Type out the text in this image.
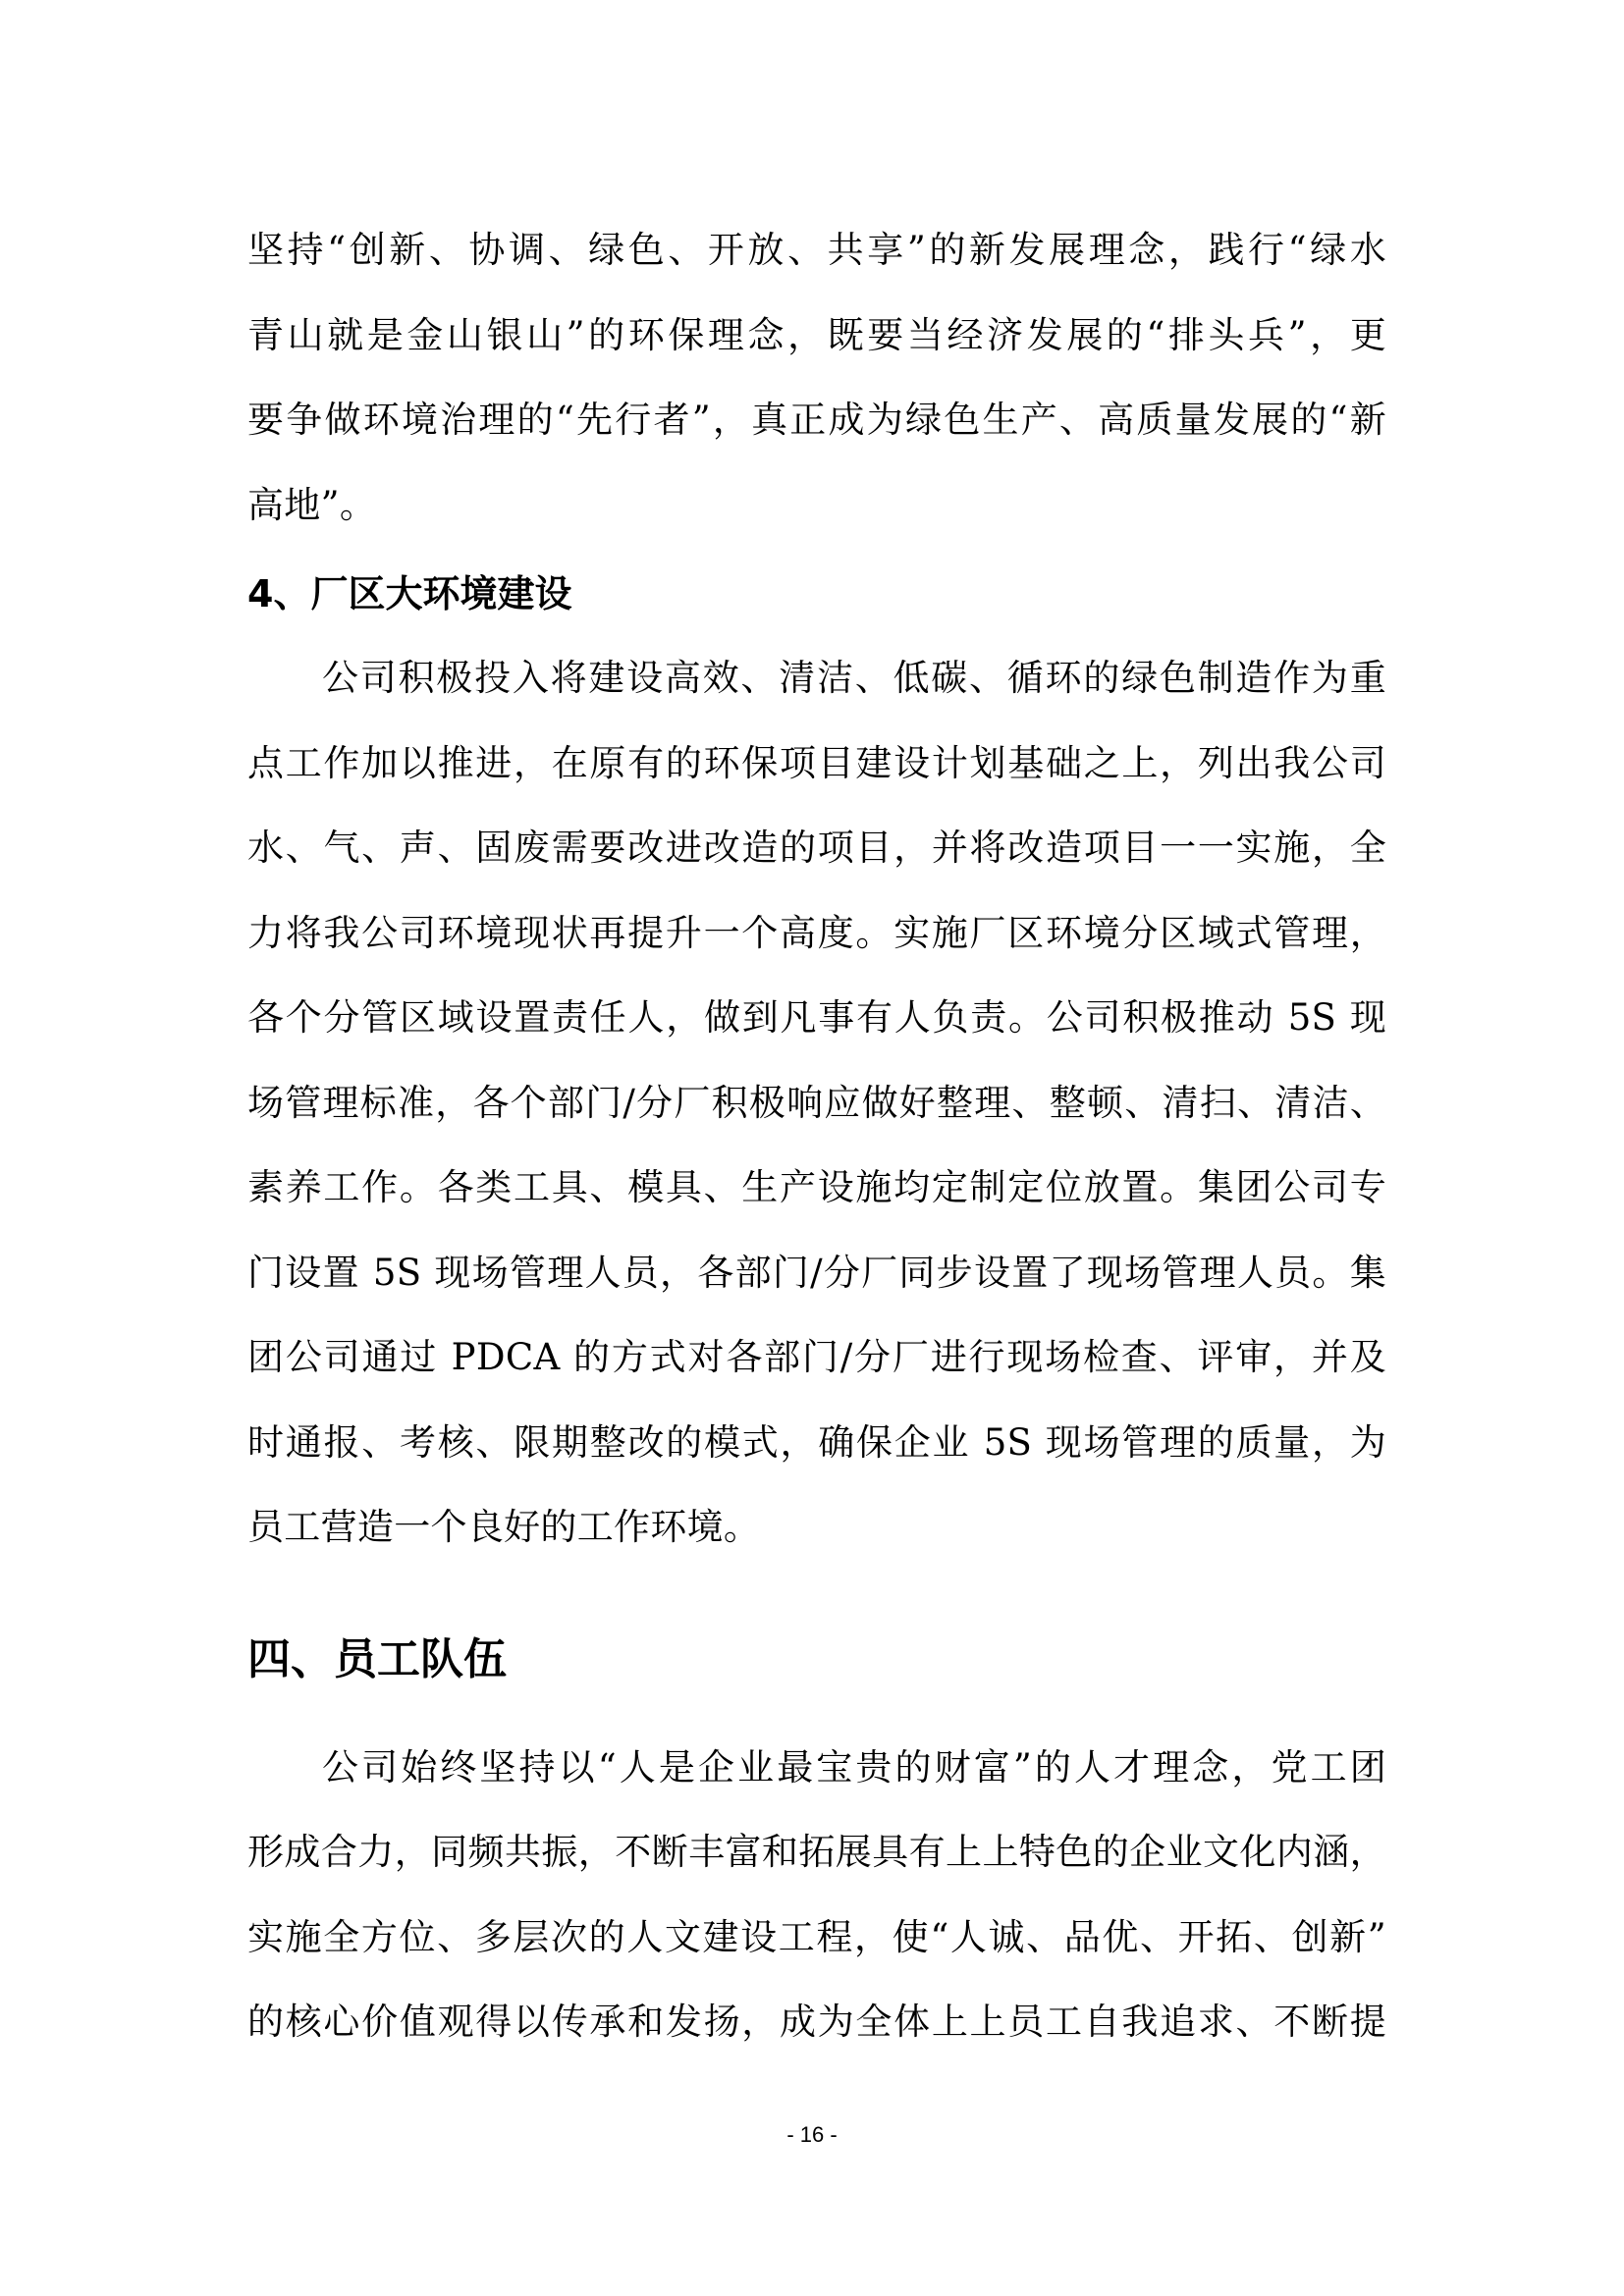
坚持“创新、协调、绿色、开放、共享”的新发展理念，践行“绿水
青山就是金山银山”的环保理念，既要当经济发展的“排头兵”，更
要争做环境治理的“先行者”，真正成为绿色生产、高质量发展的“新
高地”。
4、厂区大环境建设
公司积极投入将建设高效、清洁、低碳、循环的绿色制造作为重
点工作加以推进，在原有的环保项目建设计划基础之上，列出我公司
水、气、声、固废需要改进改造的项目，并将改造项目一一实施，全
力将我公司环境现状再提升一个高度。实施厂区环境分区域式管理，
各个分管区域设置责任人，做到凡事有人负责。公司积极推动 5S 现
场管理标准，各个部门/分厂积极响应做好整理、整顿、清扫、清洁、
素养工作。各类工具、模具、生产设施均定制定位放置。集团公司专
门设置 5S 现场管理人员，各部门/分厂同步设置了现场管理人员。集
团公司通过 PDCA 的方式对各部门/分厂进行现场检查、评审，并及
时通报、考核、限期整改的模式，确保企业 5S 现场管理的质量，为
员工营造一个良好的工作环境。
四、员工队伍
公司始终坚持以“人是企业最宝贵的财富”的人才理念，党工团
形成合力，同频共振，不断丰富和拓展具有上上特色的企业文化内涵，
实施全方位、多层次的人文建设工程，使“人诚、品优、开拓、创新”
的核心价值观得以传承和发扬，成为全体上上员工自我追求、不断提
- 16 -
